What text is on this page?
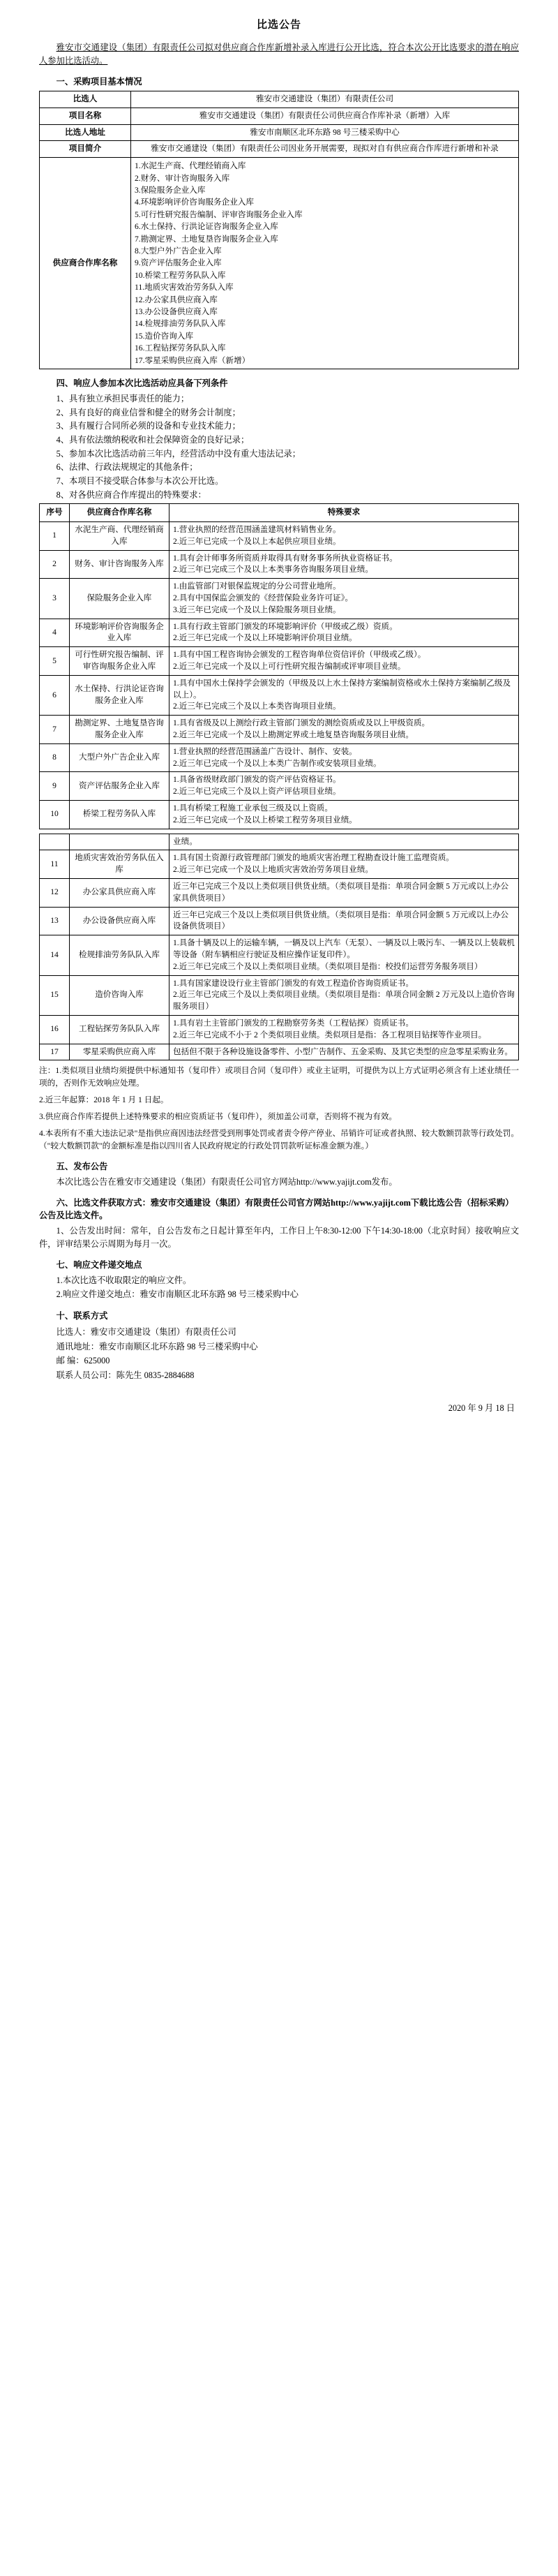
比选公告

雅安市交通建设（集团）有限责任公司拟对供应商合作库新增补录入库进行公开比选，符合本次公开比选要求的潜在响应人参加比选活动。

一、采购项目基本情况
比选人	雅安市交通建设（集团）有限责任公司
项目名称	雅安市交通建设（集团）有限责任公司供应商合作库补录（新增）入库
比选人地址	雅安市南顺区北环东路 98 号三楼采购中心
项目简介	雅安市交通建设（集团）有限责任公司因业务开展需要，现拟对自有供应商合作库进行新增和补录
供应商合作库名称	
1.水泥生产商、代理经销商入库
2.财务、审计咨询服务入库
3.保险服务企业入库
4.环境影响评价咨询服务企业入库
5.可行性研究报告编制、评审咨询服务企业入库
6.水土保持、行洪论证咨询服务企业入库
7.勘测定界、土地复垦咨询服务企业入库
8.大型户外广告企业入库
9.资产评估服务企业入库
10.桥梁工程劳务队队入库
11.地质灾害效治劳务队入库
12.办公家具供应商入库
13.办公设备供应商入库
14.检规排油劳务队队入库
15.造价咨询入库
16.工程钻探劳务队队入库
17.零星采购供应商入库（新增）
四、响应人参加本次比选活动应具备下列条件
1、具有独立承担民事责任的能力；
2、具有良好的商业信誉和健全的财务会计制度；
3、具有履行合同所必须的设备和专业技术能力；
4、具有依法缴纳税收和社会保障资金的良好记录；
5、参加本次比选活动前三年内，经营活动中没有重大违法记录；
6、法律、行政法规规定的其他条件；
7、本项目不接受联合体参与本次公开比选。
8、对各供应商合作库提出的特殊要求：
序号	供应商合作库名称	特殊要求
1	水泥生产商、代理经销商入库	1.营业执照的经营范围涵盖建筑材料销售业务。
2.近三年已完成一个及以上本起供应项目业绩。

2	财务、审计咨询服务入库	1.具有会计师事务所资质并取得具有财务事务所执业资格证书。
2.近三年已完成三个及以上本类事务咨询服务项目业绩。

3	保险服务企业入库	1.由监管部门对银保监规定的分公司营业地所。
2.具有中国保监会颁发的《经营保险业务许可证》。
3.近三年已完成一个及以上保险服务项目业绩。

4	环境影响评价咨询服务企业入库	1.具有行政主管部门颁发的环境影响评价（甲级或乙级）资质。
2.近三年已完成一个及以上环境影响评价项目业绩。

5	可行性研究报告编制、评审咨询服务企业入库	1.具有中国工程咨询协会颁发的工程咨询单位资信评价（甲级或乙级）。
2.近三年已完成一个及以上可行性研究报告编制或评审项目业绩。

6	水土保持、行洪论证咨询服务企业入库	1.具有中国水土保持学会颁发的（甲级及以上水土保持方案编制资格或水土保持方案编制乙级及以上）。
2.近三年已完成三个及以上本类咨询项目业绩。

7	勘测定界、土地复垦咨询服务企业入库	1.具有省级及以上测绘行政主管部门颁发的测绘资质或及以上甲级资质。
2.近三年已完成一个及以上勘测定界或土地复垦咨询服务项目业绩。

8	大型户外广告企业入库	1.营业执照的经营范围涵盖广告设计、制作、安装。
2.近三年已完成一个及以上本类广告制作或安装项目业绩。

9	资产评估服务企业入库	1.具备省级财政部门颁发的资产评估资格证书。
2.近三年已完成三个及以上资产评估项目业绩。

10	桥梁工程劳务队入库	1.具有桥梁工程施工业承包三级及以上资质。
2.近三年已完成一个及以上桥梁工程劳务项目业绩。
		业绩。
11	地质灾害效治劳务队伍入库	1.具有国土资源行政管理部门颁发的地质灾害治理工程勘查设计施工监理资质。
2.近三年已完成一个及以上地质灾害效治劳务项目业绩。

12	办公家具供应商入库	近三年已完成三个及以上类似项目供货业绩。（类似项目是指：单项合同金额 5 万元或以上办公家具供货项目）

13	办公设备供应商入库	近三年已完成三个及以上类似项目供货业绩。（类似项目是指：单项合同金额 5 万元或以上办公设备供货项目）

14	检规排油劳务队队入库	1.具备十辆及以上的运输车辆，一辆及以上汽车（无泵）、一辆及以上吸污车、一辆及以上装载机等设备（附车辆相应行驶证及相应操作证复印件）。
2.近三年已完成三个及以上类似项目业绩。（类似项目是指：校投们运营劳务服务项目）

15	造价咨询入库	1.具有国家建设设行业主管部门颁发的有效工程造价咨询资质证书。
2.近三年已完成三个及以上类似项目业绩。（类似项目是指：单项合同金额 2 万元及以上造价咨询服务项目）

16	工程钻探劳务队队入库	1.具有岩土主管部门颁发的工程勘察劳务类（工程钻探）资质证书。
2.近三年已完成不小于 2 个类似项目业绩。类似项目是指：各工程项目钻探等作业项目。

17	零星采购供应商入库	包括但不限于各种设施设备零件、小型广告制作、五金采购、及其它类型的应急零星采购业务。
注：1.类似项目业绩均须提供中标通知书（复印件）或项目合同（复印件）或业主证明，可提供为以上方式证明必须含有上述业绩任一项的，否则作无效响应处理。
2.近三年起算：2018 年 1 月 1 日起。
3.供应商合作库若提供上述特殊要求的相应资质证书（复印件），须加盖公司章，否则将不视为有效。
4.本表所有不重大违法记录"是指供应商因违法经营受到刑事处罚或者责令停产停业、吊销许可证或者执照、较大数额罚款等行政处罚。（"较大数额罚款"的金额标准是指以四川省人民政府规定的行政处罚罚款听证标准金额为准。）
五、发布公告

本次比选公告在雅安市交通建设（集团）有限责任公司官方网站http://www.yajijt.com发布。

六、比选文件获取方式：雅安市交通建设（集团）有限责任公司官方网站http://www.yajijt.com下载比选公告（招标采购）公告及比选文件。

1、公告发出时间：常年，自公告发布之日起计算至年内，工作日上午8:30-12:00 下午14:30-18:00（北京时间）接收响应文件，评审结果公示周期为每月一次。

七、响应文件递交地点
1.本次比选不收取限定的响应文件。
2.响应文件递交地点：雅安市南顺区北环东路 98 号三楼采购中心
十、联系方式
比选人：雅安市交通建设（集团）有限责任公司
通讯地址：雅安市南顺区北环东路 98 号三楼采购中心
邮 编：625000
联系人员公司：陈先生 0835-2884688
2020 年 9 月 18 日
